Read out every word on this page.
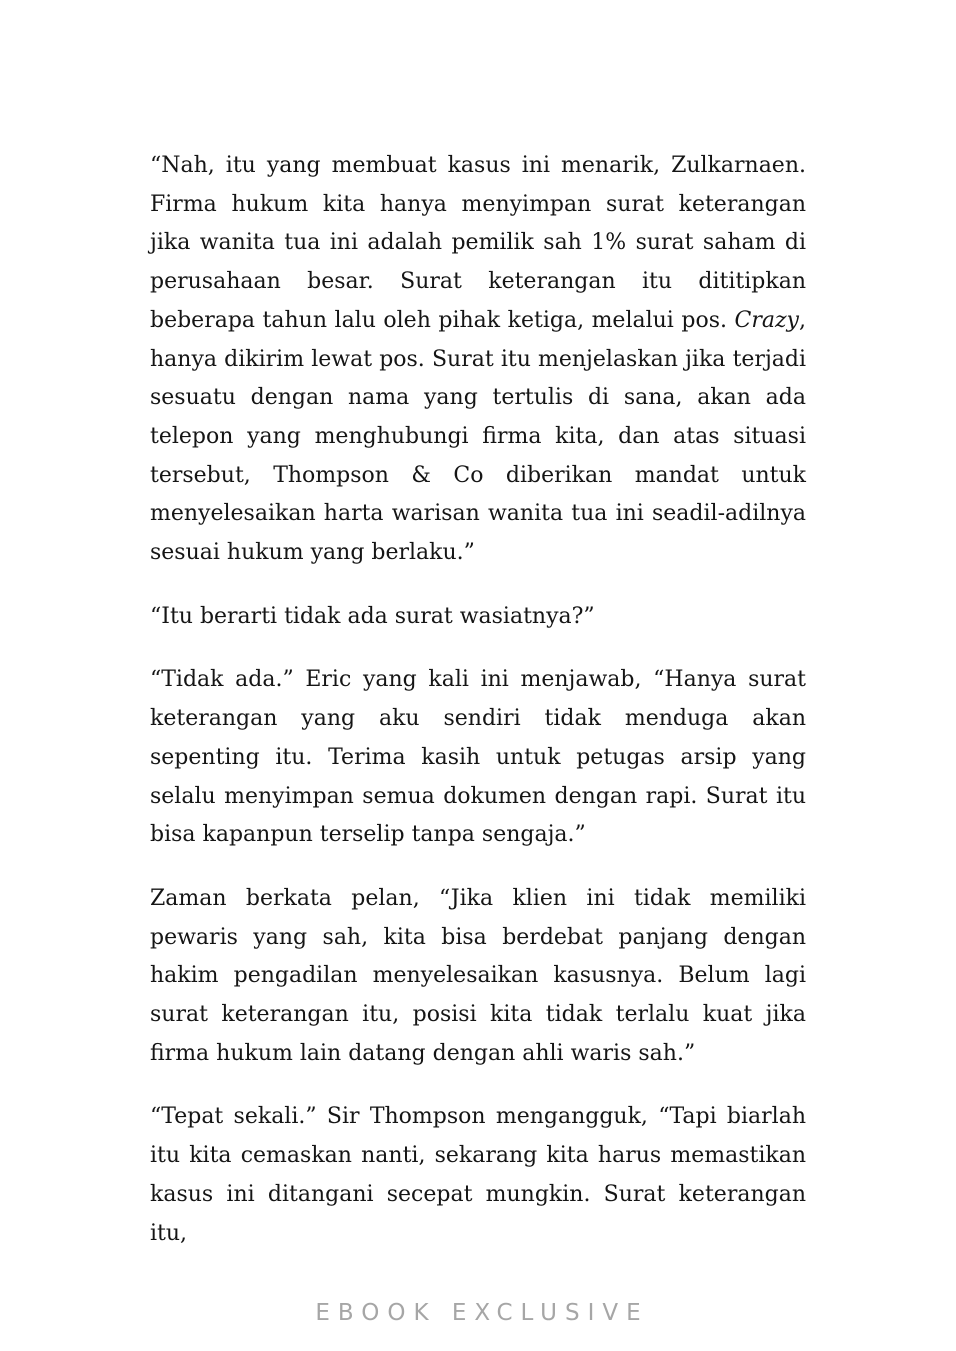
“Nah, itu yang membuat kasus ini menarik, Zulkarnaen. Firma hukum kita hanya menyimpan surat keterangan jika wanita tua ini adalah pemilik sah 1% surat saham di perusahaan besar. Surat keterangan itu dititipkan beberapa tahun lalu oleh pihak ketiga, melalui pos. Crazy, hanya dikirim lewat pos. Surat itu menjelaskan jika terjadi sesuatu dengan nama yang tertulis di sana, akan ada telepon yang menghubungi firma kita, dan atas situasi tersebut, Thompson & Co diberikan mandat untuk menyelesaikan harta warisan wanita tua ini seadil-adilnya sesuai hukum yang berlaku.”

“Itu berarti tidak ada surat wasiatnya?”

“Tidak ada.” Eric yang kali ini menjawab, “Hanya surat keterangan yang aku sendiri tidak menduga akan sepenting itu. Terima kasih untuk petugas arsip yang selalu menyimpan semua dokumen dengan rapi. Surat itu bisa kapanpun terselip tanpa sengaja.”

Zaman berkata pelan, “Jika klien ini tidak memiliki pewaris yang sah, kita bisa berdebat panjang dengan hakim pengadilan menyelesaikan kasusnya. Belum lagi surat keterangan itu, posisi kita tidak terlalu kuat jika firma hukum lain datang dengan ahli waris sah.”

“Tepat sekali.” Sir Thompson mengangguk, “Tapi biarlah itu kita cemaskan nanti, sekarang kita harus memastikan kasus ini ditangani secepat mungkin. Surat keterangan itu,

EBOOK EXCLUSIVE
